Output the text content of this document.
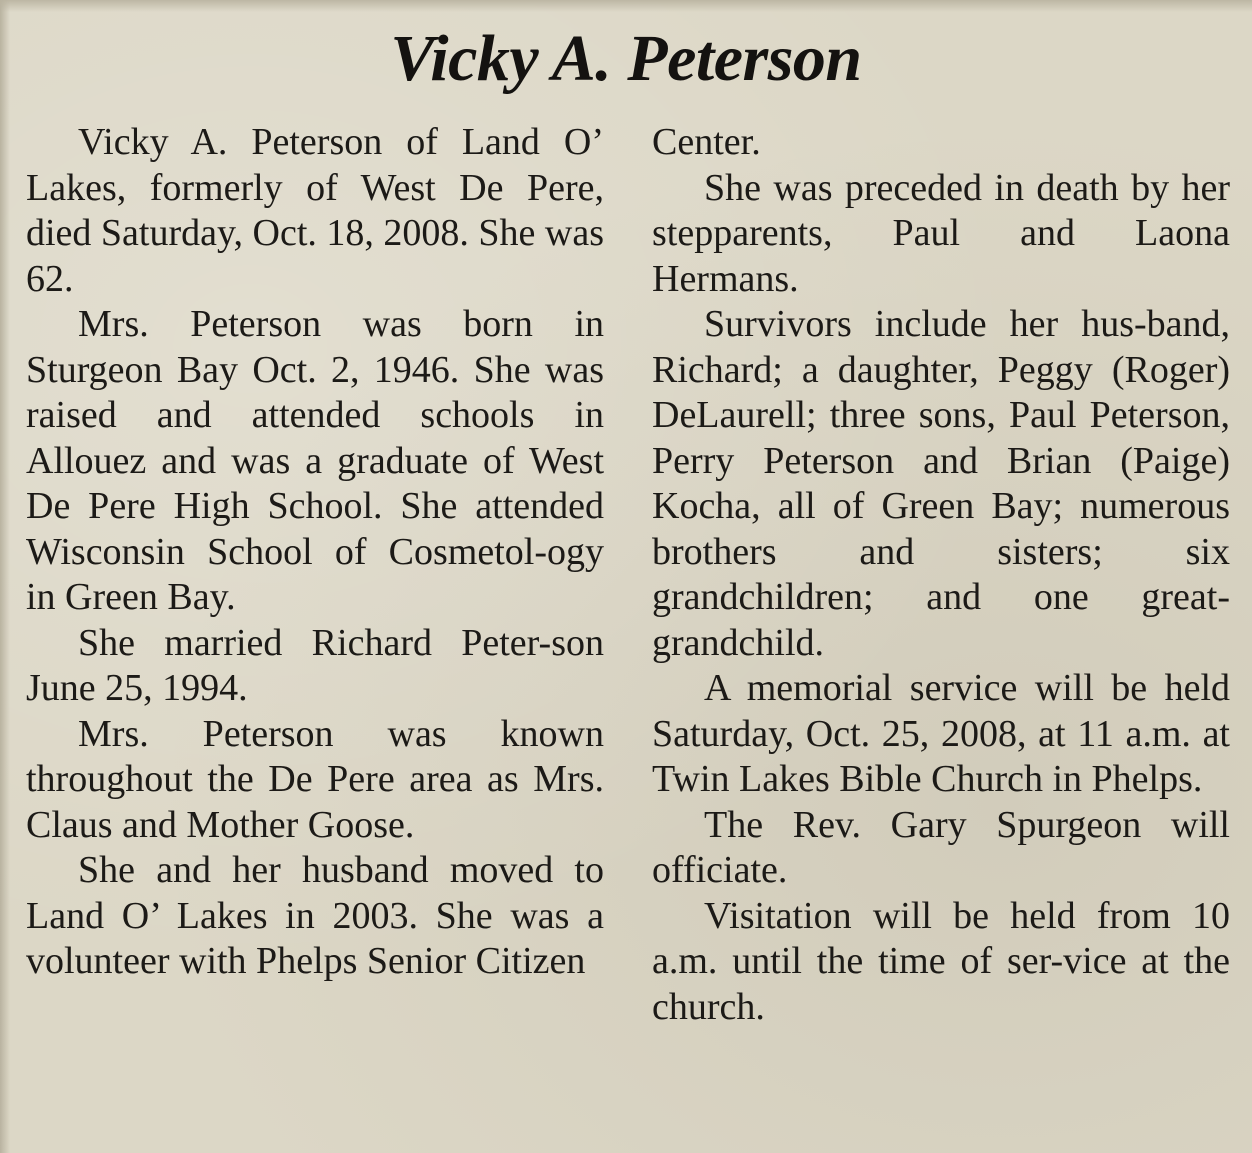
Vicky A. Peterson

Vicky A. Peterson of Land O’ Lakes, formerly of West De Pere, died Saturday, Oct. 18, 2008. She was 62.

Mrs. Peterson was born in Sturgeon Bay Oct. 2, 1946. She was raised and attended schools in Allouez and was a graduate of West De Pere High School. She attended Wisconsin School of Cosmetol-ogy in Green Bay.

She married Richard Peter-son June 25, 1994.

Mrs. Peterson was known throughout the De Pere area as Mrs. Claus and Mother Goose.

She and her husband moved to Land O’ Lakes in 2003. She was a volunteer with Phelps Senior Citizen

Center.

She was preceded in death by her stepparents, Paul and Laona Hermans.

Survivors include her hus-band, Richard; a daughter, Peggy (Roger) DeLaurell; three sons, Paul Peterson, Perry Peterson and Brian (Paige) Kocha, all of Green Bay; numerous brothers and sisters; six grandchildren; and one great-grandchild.

A memorial service will be held Saturday, Oct. 25, 2008, at 11 a.m. at Twin Lakes Bible Church in Phelps.

The Rev. Gary Spurgeon will officiate.

Visitation will be held from 10 a.m. until the time of ser-vice at the church.
